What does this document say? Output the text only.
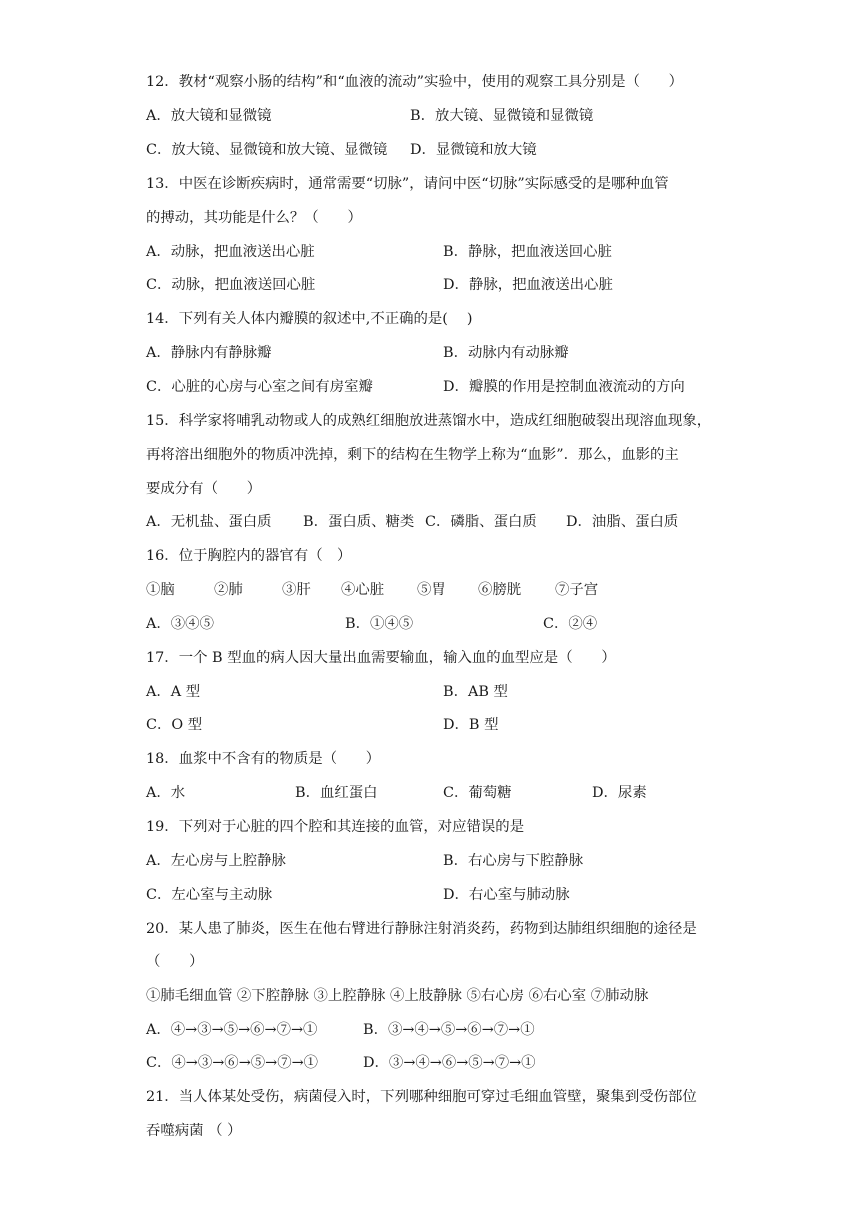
12．教材“观察小肠的结构”和“血液的流动”实验中，使用的观察工具分别是（　　）
A．放大镜和显微镜	B．放大镜、显微镜和显微镜
C．放大镜、显微镜和放大镜、显微镜 D．显微镜和放大镜
13．中医在诊断疾病时，通常需要“切脉”，请问中医“切脉”实际感受的是哪种血管
的搏动，其功能是什么？（　　）
A．动脉，把血液送出心脏	B．静脉，把血液送回心脏
C．动脉，把血液送回心脏	D．静脉，把血液送出心脏
14．下列有关人体内瓣膜的叙述中,不正确的是(　 )
A．静脉内有静脉瓣	B．动脉内有动脉瓣
C．心脏的心房与心室之间有房室瓣	D．瓣膜的作用是控制血液流动的方向
15．科学家将哺乳动物或人的成熟红细胞放进蒸馏水中，造成红细胞破裂出现溶血现象，
再将溶出细胞外的物质冲洗掉，剩下的结构在生物学上称为“血影”．那么，血影的主
要成分有（　　）
A．无机盐、蛋白质 B．蛋白质、糖类 C．磷脂、蛋白质 D．油脂、蛋白质
16．位于胸腔内的器官有（　）
①脑	②肺	③肝 ④心脏 ⑤胃 ⑥膀胱 ⑦子宫
A．③④⑤	B．①④⑤	C．②④
17．一个 B 型血的病人因大量出血需要输血，输入血的血型应是（　　）
A．A 型	B．AB 型
C．O 型	D．B 型
18．血浆中不含有的物质是（　　）
A．水	B．血红蛋白	C．葡萄糖	D．尿素
19．下列对于心脏的四个腔和其连接的血管，对应错误的是
A．左心房与上腔静脉	B．右心房与下腔静脉
C．左心室与主动脉	D．右心室与肺动脉
20．某人患了肺炎，医生在他右臂进行静脉注射消炎药，药物到达肺组织细胞的途径是
（　　）
①肺毛细血管 ②下腔静脉 ③上腔静脉 ④上肢静脉 ⑤右心房 ⑥右心室 ⑦肺动脉
A．④→③→⑤→⑥→⑦→①	B．③→④→⑤→⑥→⑦→①
C．④→③→⑥→⑤→⑦→①	D．③→④→⑥→⑤→⑦→①
21．当人体某处受伤，病菌侵入时，下列哪种细胞可穿过毛细血管壁，聚集到受伤部位
吞噬病菌 （ ）
